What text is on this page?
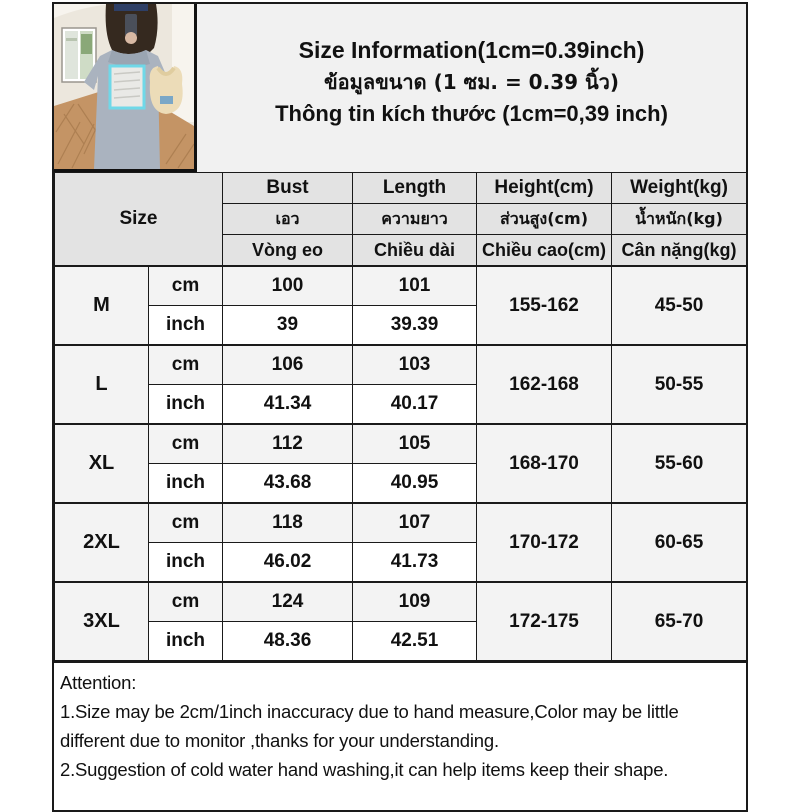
Size Information(1cm=0.39inch)
ข้อมูลขนาด (1 ซม. = 0.39 นิ้ว)
Thông tin kích thước (1cm=0,39 inch)
Size		Bust	Length	Height(cm)	Weight(kg)
		เอว	ความยาว	ส่วนสูง(cm)	น้ำหนัก(kg)
		Vòng eo	Chiều dài	Chiều cao(cm)	Cân nặng(kg)
M	cm	100	101	155-162	45-50
	inch	39	39.39		
L	cm	106	103	162-168	50-55
	inch	41.34	40.17		
XL	cm	112	105	168-170	55-60
	inch	43.68	40.95		
2XL	cm	118	107	170-172	60-65
	inch	46.02	41.73		
3XL	cm	124	109	172-175	65-70
	inch	48.36	42.51		

Attention:

1.Size may be 2cm/1inch inaccuracy due to hand measure,Color may be little different due to monitor ,thanks for your understanding.

2.Suggestion of cold water hand washing,it can help items keep their shape.
